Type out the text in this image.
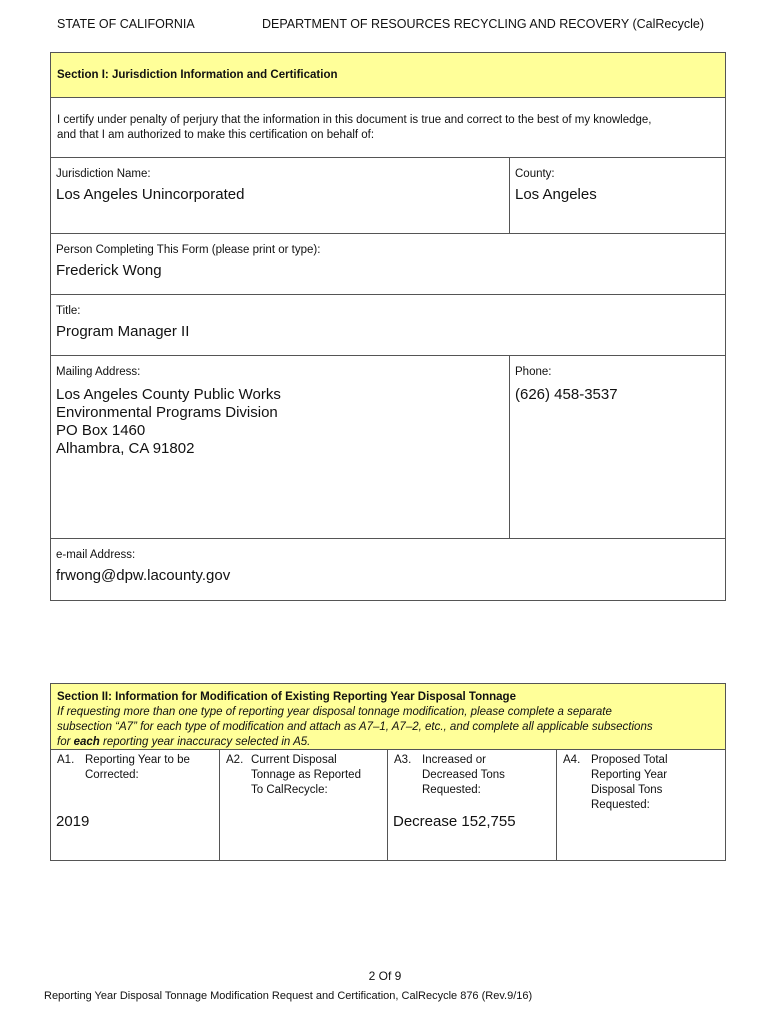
STATE OF CALIFORNIA	DEPARTMENT OF RESOURCES RECYCLING AND RECOVERY (CalRecycle)
Section I: Jurisdiction Information and Certification
I certify under penalty of perjury that the information in this document is true and correct to the best of my knowledge,
and that I am authorized to make this certification on behalf of:
Jurisdiction Name:
Los Angeles Unincorporated
County:
Los Angeles
Person Completing This Form (please print or type):
Frederick Wong
Title:
Program Manager II
Mailing Address:
Los Angeles County Public Works
Environmental Programs Division
PO Box 1460
Alhambra, CA 91802
Phone:
(626) 458-3537
e-mail Address:
frwong@dpw.lacounty.gov
Section II: Information for Modification of Existing Reporting Year Disposal Tonnage
If requesting more than one type of reporting year disposal tonnage modification, please complete a separate
subsection “A7” for each type of modification and attach as A7–1, A7–2, etc., and complete all applicable subsections
for each reporting year inaccuracy selected in A5.
A1. Reporting Year to be
Corrected:
2019
A2. Current Disposal
Tonnage as Reported
To CalRecycle:
A3. Increased or
Decreased Tons
Requested:
Decrease 152,755
A4. Proposed Total
Reporting Year
Disposal Tons
Requested:
2 Of 9
Reporting Year Disposal Tonnage Modification Request and Certification, CalRecycle 876 (Rev.9/16)
